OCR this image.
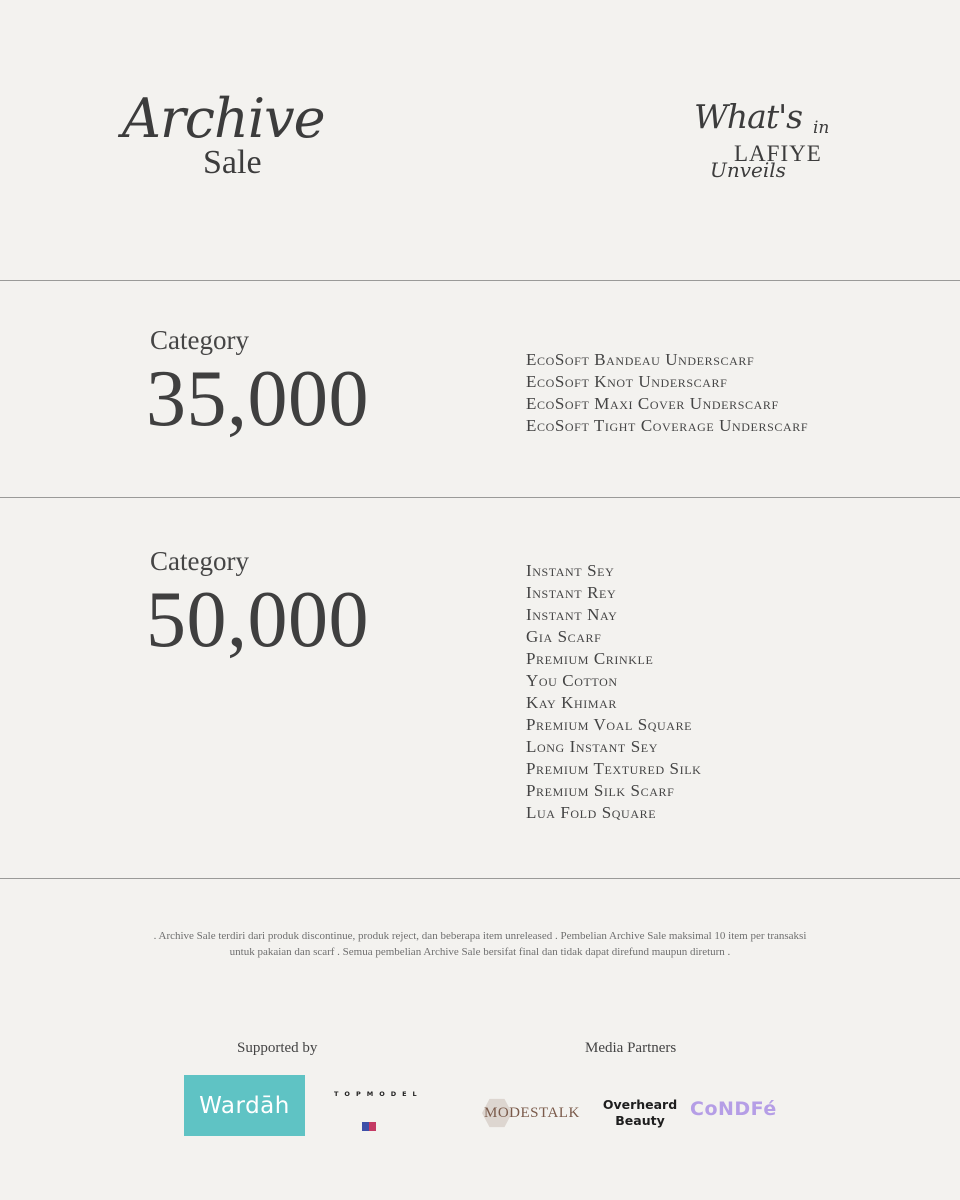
Archive
Sale
What's in
LAFIYE
Unveils
Category
35,000	EcoSoft Bandeau Underscarf
EcoSoft Knot Underscarf
EcoSoft Maxi Cover Underscarf
EcoSoft Tight Coverage Underscarf
Category
50,000
Instant Sey
Instant Rey
Instant Nay
Gia Scarf
Premium Crinkle
You Cotton
Kay Khimar
Premium Voal Square
Long Instant Sey
Premium Textured Silk
Premium Silk Scarf
Lua Fold Square
. Archive Sale terdiri dari produk discontinue, produk reject, dan beberapa item unreleased . Pembelian Archive Sale maksimal 10 item per transaksi
untuk pakaian dan scarf . Semua pembelian Archive Sale bersifat final dan tidak dapat direfund maupun direturn .
Supported by
Wardāh	TOPMODEL
Media Partners
MODESTALK Overheard
Beauty
CoNDFé
